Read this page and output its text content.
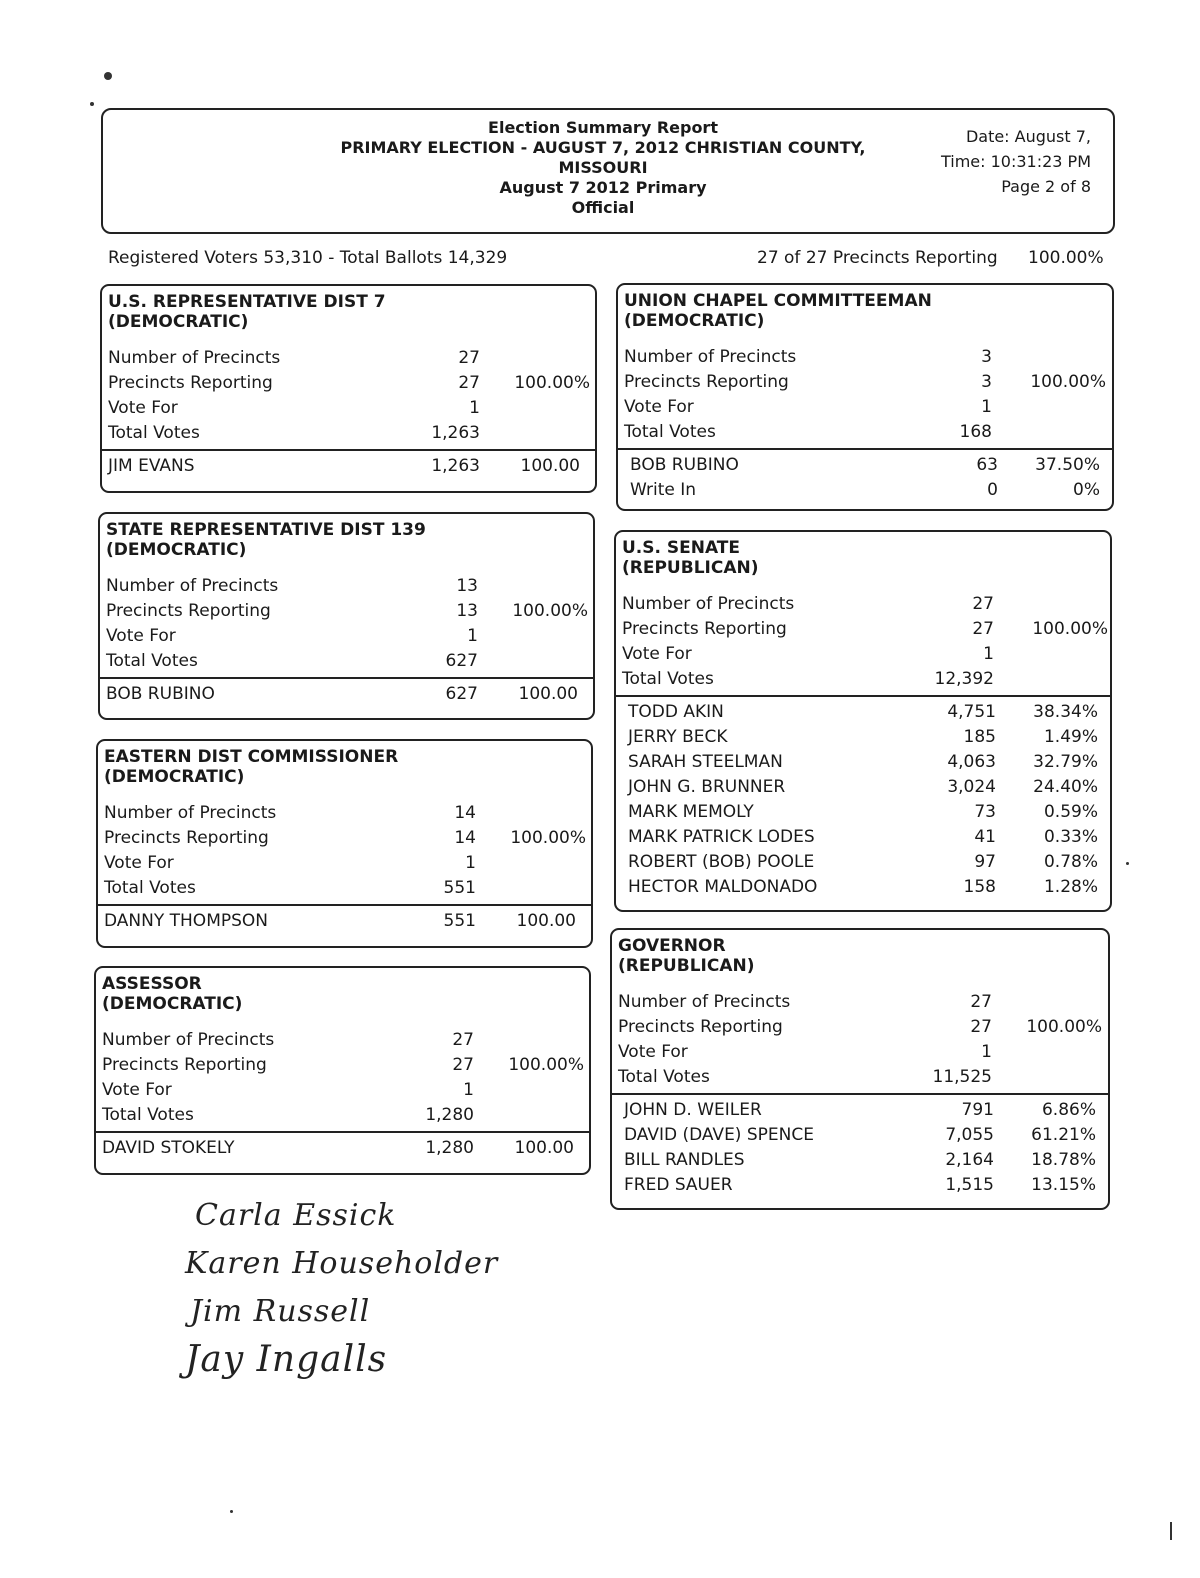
Election Summary Report
PRIMARY ELECTION - AUGUST 7, 2012 CHRISTIAN COUNTY,
MISSOURI
August 7 2012 Primary
Official
Date: August 7,
Time: 10:31:23 PM
Page 2 of 8
Registered Voters 53,310 - Total Ballots 14,329	27 of 27 Precincts Reporting 100.00%
U.S. REPRESENTATIVE DIST 7
(DEMOCRATIC)
Number of Precincts	27
Precincts Reporting	27	100.00%
Vote For	1
Total Votes	1,263
JIM EVANS	1,263	100.00
STATE REPRESENTATIVE DIST 139
(DEMOCRATIC)
Number of Precincts	13
Precincts Reporting	13	100.00%
Vote For	1
Total Votes	627
BOB RUBINO	627	100.00
EASTERN DIST COMMISSIONER
(DEMOCRATIC)
Number of Precincts	14
Precincts Reporting	14	100.00%
Vote For	1
Total Votes	551
DANNY THOMPSON	551	100.00
ASSESSOR
(DEMOCRATIC)
Number of Precincts	27
Precincts Reporting	27	100.00%
Vote For	1
Total Votes	1,280
DAVID STOKELY	1,280	100.00
UNION CHAPEL COMMITTEEMAN
(DEMOCRATIC)
Number of Precincts	3
Precincts Reporting	3	100.00%
Vote For	1
Total Votes	168
BOB RUBINO	63	37.50%
Write In	0	0%
U.S. SENATE
(REPUBLICAN)
Number of Precincts	27
Precincts Reporting	27	100.00%
Vote For	1
Total Votes	12,392
TODD AKIN	4,751	38.34%
JERRY BECK	185	1.49%
SARAH STEELMAN	4,063	32.79%
JOHN G. BRUNNER	3,024	24.40%
MARK MEMOLY	73	0.59%
MARK PATRICK LODES	41	0.33%
ROBERT (BOB) POOLE	97	0.78%
HECTOR MALDONADO	158	1.28%
GOVERNOR
(REPUBLICAN)
Number of Precincts	27
Precincts Reporting	27	100.00%
Vote For	1
Total Votes	11,525
JOHN D. WEILER	791	6.86%
DAVID (DAVE) SPENCE	7,055	61.21%
BILL RANDLES	2,164	18.78%
FRED SAUER	1,515	13.15%
Carla Essick
Karen Householder
Jim Russell
Jay Ingalls
